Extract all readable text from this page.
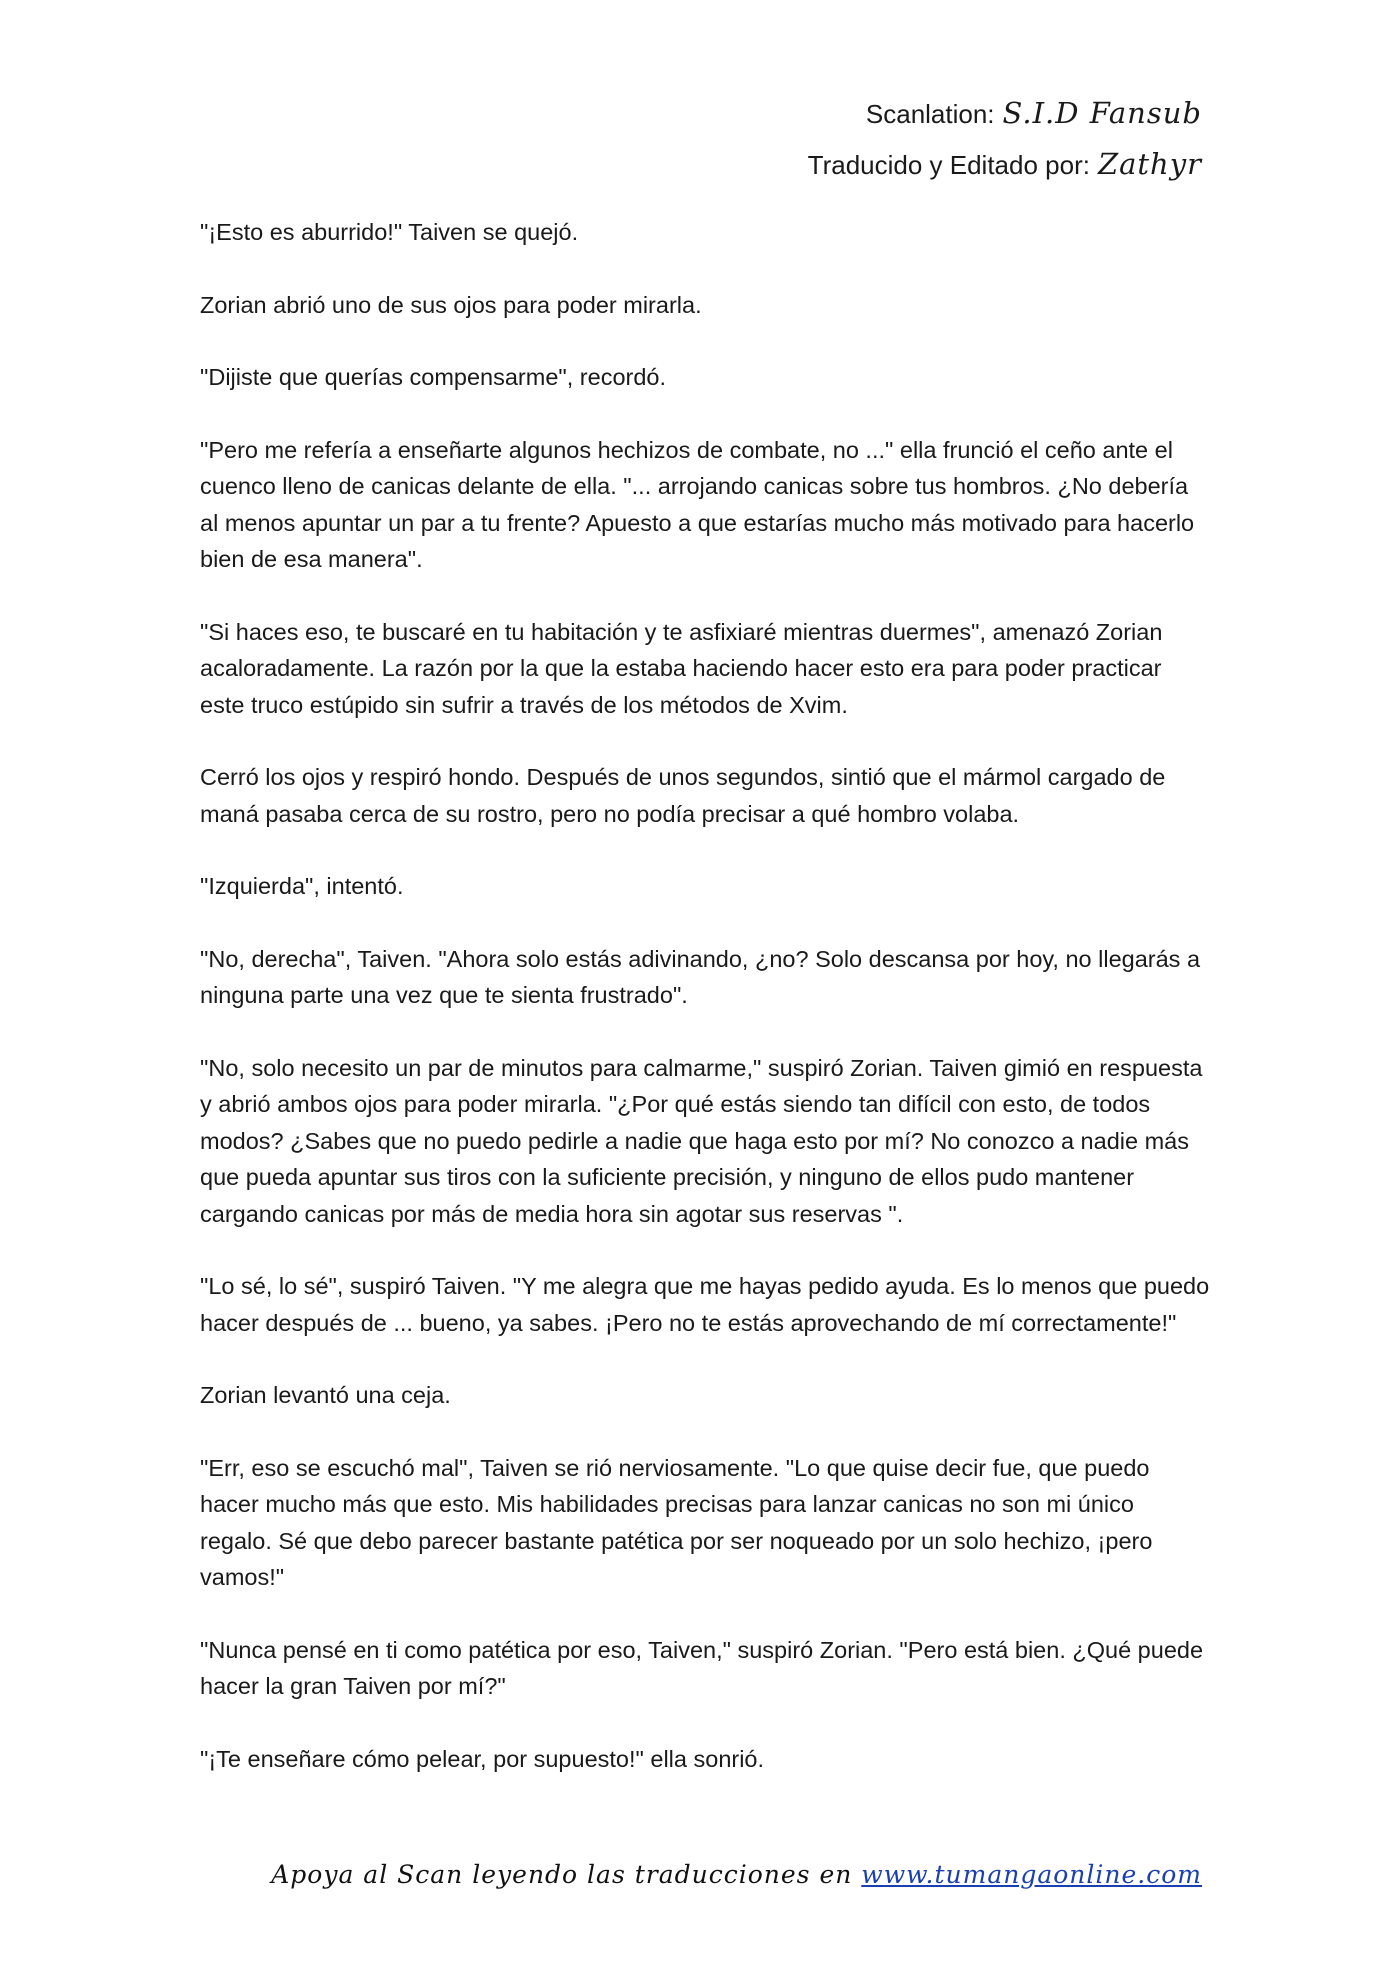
Scanlation: S.I.D Fansub
Traducido y Editado por: Zathyr

"¡Esto es aburrido!" Taiven se quejó.

Zorian abrió uno de sus ojos para poder mirarla.

"Dijiste que querías compensarme", recordó.

"Pero me refería a enseñarte algunos hechizos de combate, no ..." ella frunció el ceño ante el cuenco lleno de canicas delante de ella. "... arrojando canicas sobre tus hombros. ¿No debería al menos apuntar un par a tu frente? Apuesto a que estarías mucho más motivado para hacerlo bien de esa manera".

"Si haces eso, te buscaré en tu habitación y te asfixiaré mientras duermes", amenazó Zorian acaloradamente. La razón por la que la estaba haciendo hacer esto era para poder practicar este truco estúpido sin sufrir a través de los métodos de Xvim.

Cerró los ojos y respiró hondo. Después de unos segundos, sintió que el mármol cargado de maná pasaba cerca de su rostro, pero no podía precisar a qué hombro volaba.

"Izquierda", intentó.

"No, derecha", Taiven. "Ahora solo estás adivinando, ¿no? Solo descansa por hoy, no llegarás a ninguna parte una vez que te sienta frustrado".

"No, solo necesito un par de minutos para calmarme," suspiró Zorian. Taiven gimió en respuesta y abrió ambos ojos para poder mirarla. "¿Por qué estás siendo tan difícil con esto, de todos modos? ¿Sabes que no puedo pedirle a nadie que haga esto por mí? No conozco a nadie más que pueda apuntar sus tiros con la suficiente precisión, y ninguno de ellos pudo mantener cargando canicas por más de media hora sin agotar sus reservas ".

"Lo sé, lo sé", suspiró Taiven. "Y me alegra que me hayas pedido ayuda. Es lo menos que puedo hacer después de ... bueno, ya sabes. ¡Pero no te estás aprovechando de mí correctamente!"

Zorian levantó una ceja.

"Err, eso se escuchó mal", Taiven se rió nerviosamente. "Lo que quise decir fue, que puedo hacer mucho más que esto. Mis habilidades precisas para lanzar canicas no son mi único regalo. Sé que debo parecer bastante patética por ser noqueado por un solo hechizo, ¡pero vamos!"

"Nunca pensé en ti como patética por eso, Taiven," suspiró Zorian. "Pero está bien. ¿Qué puede hacer la gran Taiven por mí?"

"¡Te enseñare cómo pelear, por supuesto!" ella sonrió.

Apoya al Scan leyendo las traducciones en www.tumangaonline.com
